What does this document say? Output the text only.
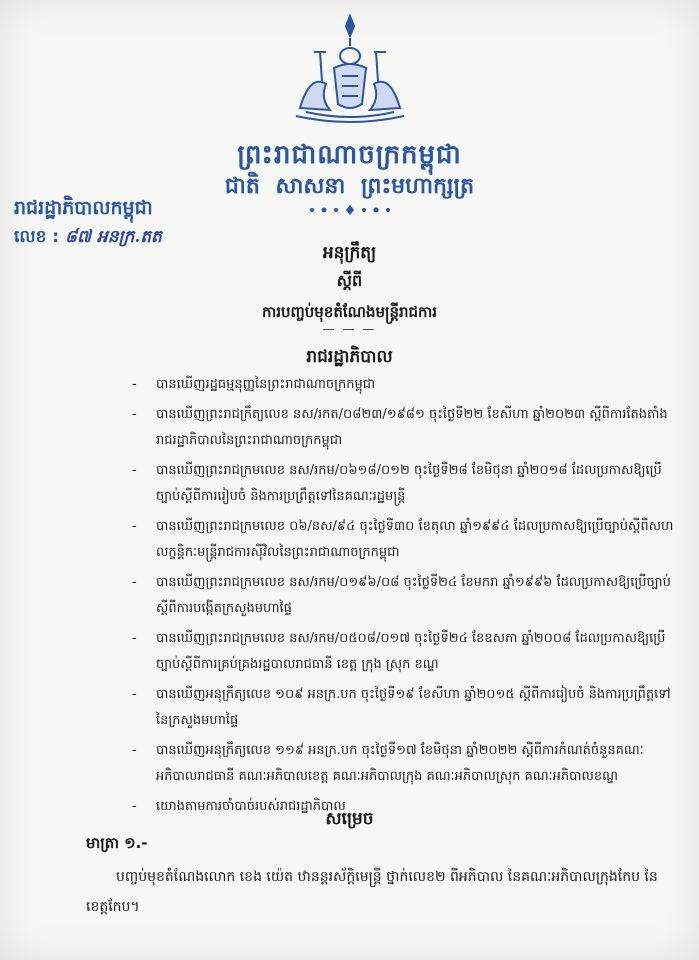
ព្រះរាជាណាចក្រកម្ពុជា
ជាតិ សាសនា ព្រះមហាក្សត្រ
រាជរដ្ឋាភិបាលកម្ពុជា
លេខ : ៨៧ អនក្រ.តត
អនុក្រឹត្យ
ស្តីពី
ការបញ្ចប់មុខតំណែងមន្ត្រីរាជការ
— — —
រាជរដ្ឋាភិបាល
- បានឃើញរដ្ឋធម្មនុញ្ញនៃព្រះរាជាណាចក្រកម្ពុជា
- បានឃើញព្រះរាជក្រឹត្យលេខ នស/រកត/០៨២៣/១៩៨១ ចុះថ្ងៃទី២២ ខែសីហា ឆ្នាំ២០២៣ ស្តីពីការតែងតាំងរាជរដ្ឋាភិបាលនៃព្រះរាជាណាចក្រកម្ពុជា
- បានឃើញព្រះរាជក្រមលេខ នស/រកម/០៦១៨/០១២ ចុះថ្ងៃទី២៨ ខែមិថុនា ឆ្នាំ២០១៨ ដែលប្រកាសឱ្យប្រើច្បាប់ស្តីពីការរៀបចំ និងការប្រព្រឹត្តទៅនៃគណៈរដ្ឋមន្ត្រី
- បានឃើញព្រះរាជក្រមលេខ ០៦/នស/៩៤ ចុះថ្ងៃទី៣០ ខែតុលា ឆ្នាំ១៩៩៤ ដែលប្រកាសឱ្យប្រើច្បាប់ស្តីពីសហលក្ខន្តិកៈមន្ត្រីរាជការស៊ីវិលនៃព្រះរាជាណាចក្រកម្ពុជា
- បានឃើញព្រះរាជក្រមលេខ នស/រកម/០១៩៦/០៨ ចុះថ្ងៃទី២៤ ខែមករា ឆ្នាំ១៩៩៦ ដែលប្រកាសឱ្យប្រើច្បាប់ស្តីពីការបង្កើតក្រសួងមហាផ្ទៃ
- បានឃើញព្រះរាជក្រមលេខ នស/រកម/០៥០៨/០១៧ ចុះថ្ងៃទី២៤ ខែឧសភា ឆ្នាំ២០០៨ ដែលប្រកាសឱ្យប្រើច្បាប់ស្តីពីការគ្រប់គ្រងរដ្ឋបាលរាជធានី ខេត្ត ក្រុង ស្រុក ខណ្ឌ
- បានឃើញអនុក្រឹត្យលេខ ១០៩ អនក្រ.បក ចុះថ្ងៃទី១៩ ខែសីហា ឆ្នាំ២០១៥ ស្តីពីការរៀបចំ និងការប្រព្រឹត្តទៅនៃក្រសួងមហាផ្ទៃ
- បានឃើញអនុក្រឹត្យលេខ ១១៩ អនក្រ.បក ចុះថ្ងៃទី១៧ ខែមិថុនា ឆ្នាំ២០២២ ស្តីពីការកំណត់ចំនួនគណៈអភិបាលរាជធានី គណៈអភិបាលខេត្ត គណៈអភិបាលក្រុង គណៈអភិបាលស្រុក គណៈអភិបាលខណ្ឌ
- យោងតាមការចាំបាច់របស់រាជរដ្ឋាភិបាល
សម្រេច
មាត្រា ១.-
បញ្ចប់មុខតំណែងលោក ខេង យ៉េត ឋានន្តរស័ក្តិមេន្ត្រី ថ្នាក់លេខ២ ពីអភិបាល នៃគណៈអភិបាលក្រុងកែប នៃខេត្តកែប។
